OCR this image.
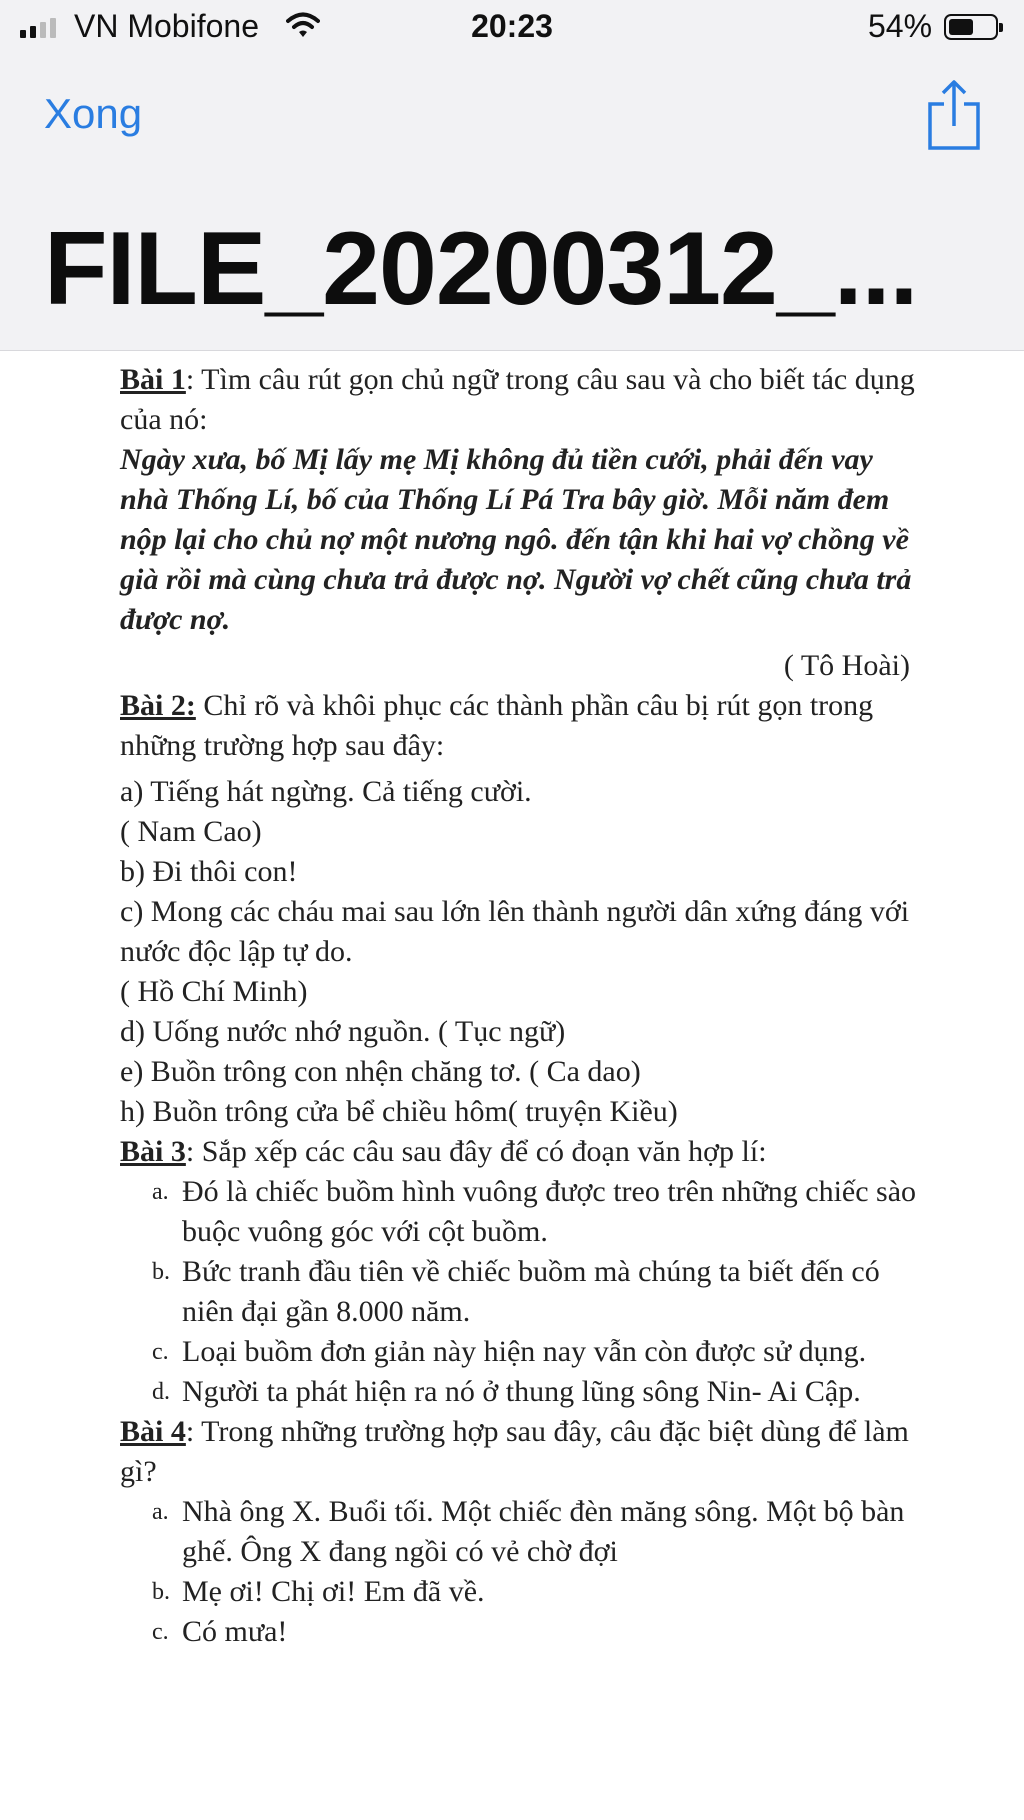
VN Mobifone	20:23	54%
Xong
FILE_20200312_...

Bài 1: Tìm câu rút gọn chủ ngữ trong câu sau và cho biết tác dụng của nó:

Ngày xưa, bố Mị lấy mẹ Mị không đủ tiền cưới, phải đến vay nhà Thống Lí, bố của Thống Lí Pá Tra bây giờ. Mỗi năm đem nộp lại cho chủ nợ một nương ngô. đến tận khi hai vợ chồng về già rồi mà cùng chưa trả được nợ. Người vợ chết cũng chưa trả được nợ.

( Tô Hoài)

Bài 2: Chỉ rõ và khôi phục các thành phần câu bị rút gọn trong những trường hợp sau đây:

a) Tiếng hát ngừng. Cả tiếng cười.

( Nam Cao)

b) Đi thôi con!

c) Mong các cháu mai sau lớn lên thành người dân xứng đáng với nước độc lập tự do.

( Hồ Chí Minh)

d) Uống nước nhớ nguồn. ( Tục ngữ)

e) Buồn trông con nhện chăng tơ. ( Ca dao)

h) Buồn trông cửa bể chiều hôm( truyện Kiều)

Bài 3: Sắp xếp các câu sau đây để có đoạn văn hợp lí:

a. Đó là chiếc buồm hình vuông được treo trên những chiếc sào buộc vuông góc với cột buồm.
b. Bức tranh đầu tiên về chiếc buồm mà chúng ta biết đến có niên đại gần 8.000 năm.
c. Loại buồm đơn giản này hiện nay vẫn còn được sử dụng.
d. Người ta phát hiện ra nó ở thung lũng sông Nin- Ai Cập.

Bài 4: Trong những trường hợp sau đây, câu đặc biệt dùng để làm gì?

a. Nhà ông X. Buổi tối. Một chiếc đèn măng sông. Một bộ bàn ghế. Ông X đang ngồi có vẻ chờ đợi
b. Mẹ ơi! Chị ơi! Em đã về.
c. Có mưa!
